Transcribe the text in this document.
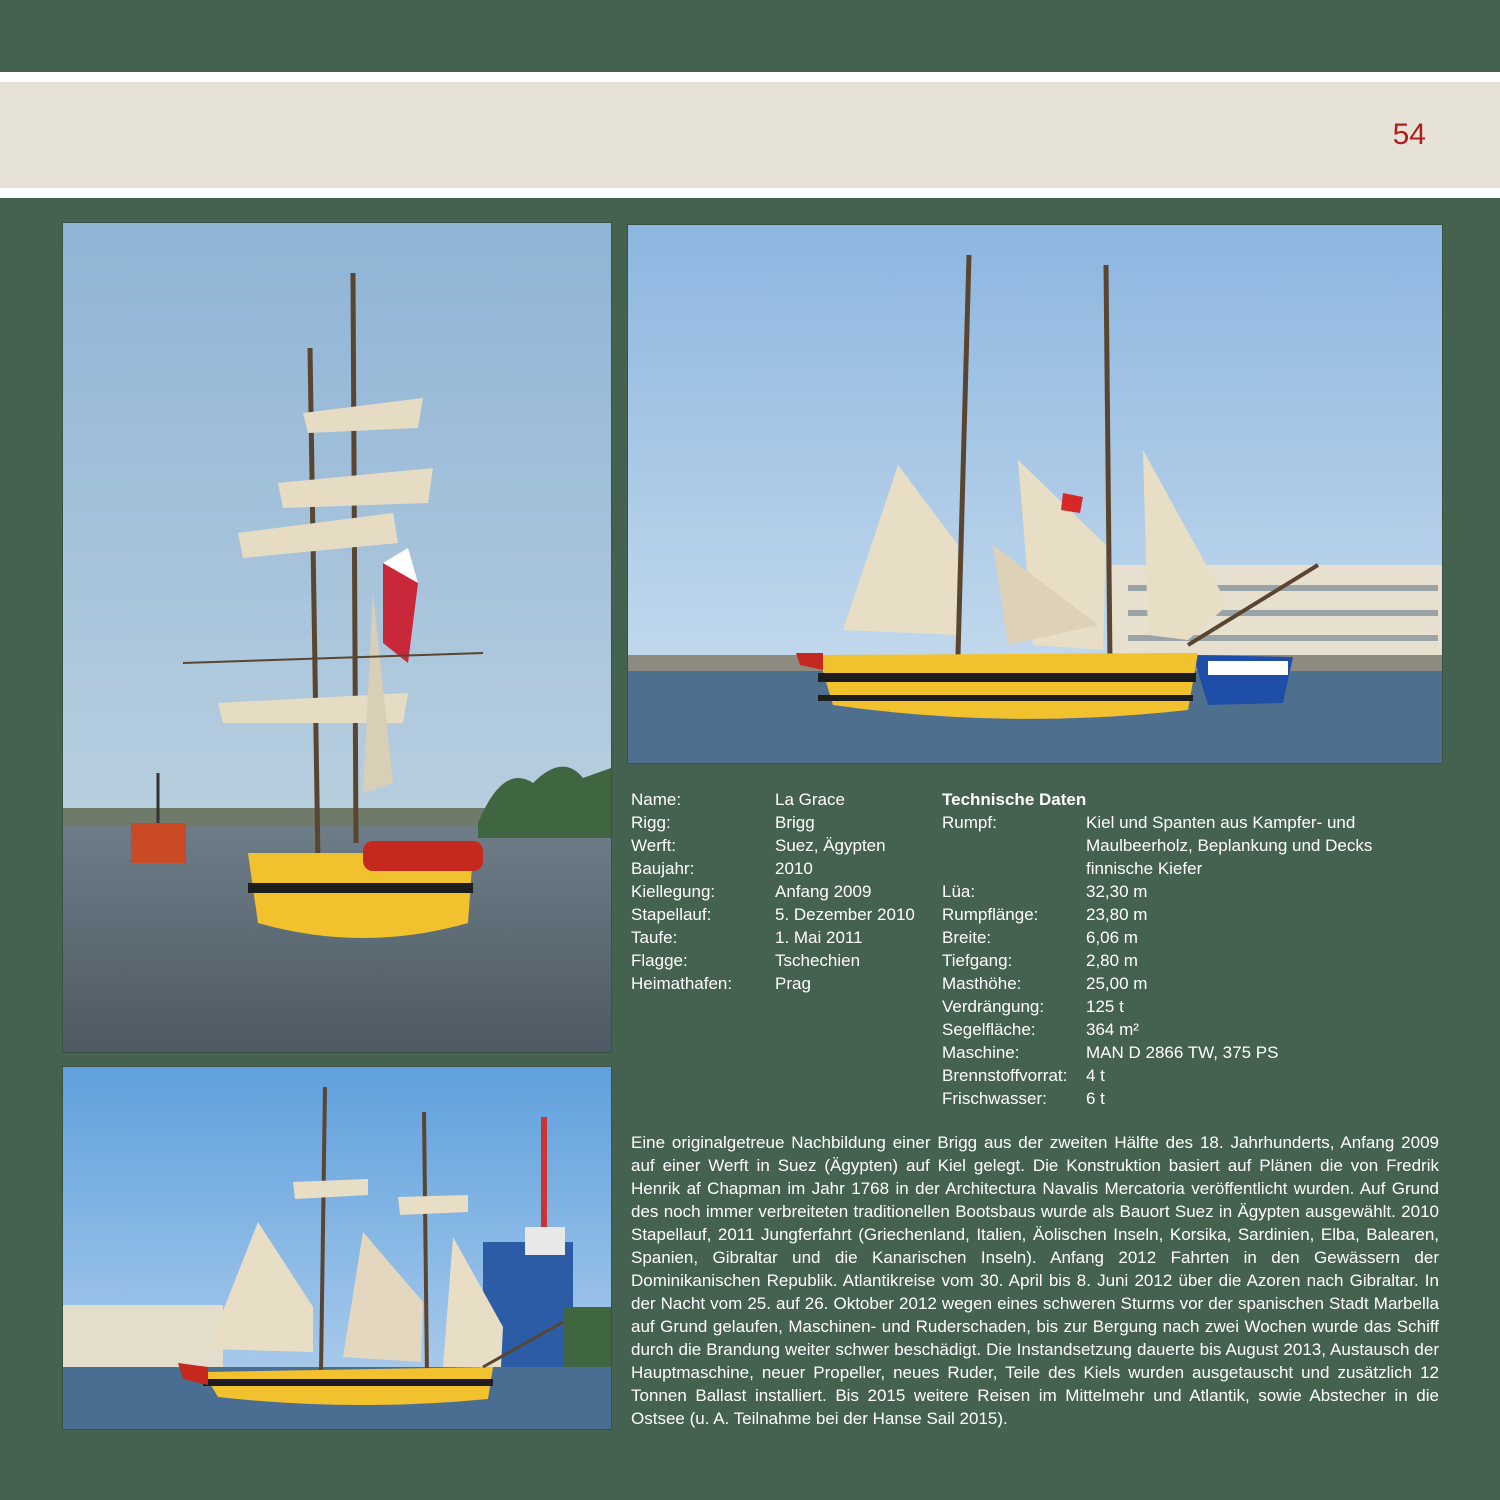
54
Name:	La Grace
Rigg:	Brigg
Werft:	Suez, Ägypten
Baujahr:	2010
Kiellegung:	Anfang 2009
Stapellauf:	5. Dezember 2010
Taufe:	1. Mai 2011
Flagge:	Tschechien
Heimathafen:	Prag
Technische Daten
Rumpf:	Kiel und Spanten aus Kampfer- und Maulbeerholz, Beplankung und Decks finnische Kiefer
Lüa:	32,30 m
Rumpflänge:	23,80 m
Breite:	6,06 m
Tiefgang:	2,80 m
Masthöhe:	25,00 m
Verdrängung:	125 t
Segelfläche:	364 m²
Maschine:	MAN D 2866 TW, 375 PS
Brennstoffvorrat:	4 t
Frischwasser:	6 t
Eine originalgetreue Nachbildung einer Brigg aus der zweiten Hälfte des 18. Jahrhunderts, Anfang 2009 auf einer Werft in Suez (Ägypten) auf Kiel gelegt. Die Konstruktion basiert auf Plänen die von Fredrik Henrik af Chapman im Jahr 1768 in der Architectura Navalis Mercatoria veröffentlicht wurden. Auf Grund des noch immer verbreiteten traditionellen Bootsbaus wurde als Bauort Suez in Ägypten ausgewählt. 2010 Stapellauf, 2011 Jungferfahrt (Griechenland, Italien, Äolischen Inseln, Korsika, Sardinien, Elba, Balearen, Spanien, Gibraltar und die Kanarischen Inseln). Anfang 2012 Fahrten in den Gewässern der Dominikanischen Republik. Atlantikreise vom 30. April bis 8. Juni 2012 über die Azoren nach Gibraltar. In der Nacht vom 25. auf 26. Oktober 2012 wegen eines schweren Sturms vor der spanischen Stadt Marbella auf Grund gelaufen, Maschinen- und Ruderschaden, bis zur Bergung nach zwei Wochen wurde das Schiff durch die Brandung weiter schwer beschädigt. Die Instandsetzung dauerte bis August 2013, Austausch der Hauptmaschine, neuer Propeller, neues Ruder, Teile des Kiels wurden ausgetauscht und zusätzlich 12 Tonnen Ballast installiert. Bis 2015 weitere Reisen im Mittelmehr und Atlantik, sowie Abstecher in die Ostsee (u. A. Teilnahme bei der Hanse Sail 2015).
